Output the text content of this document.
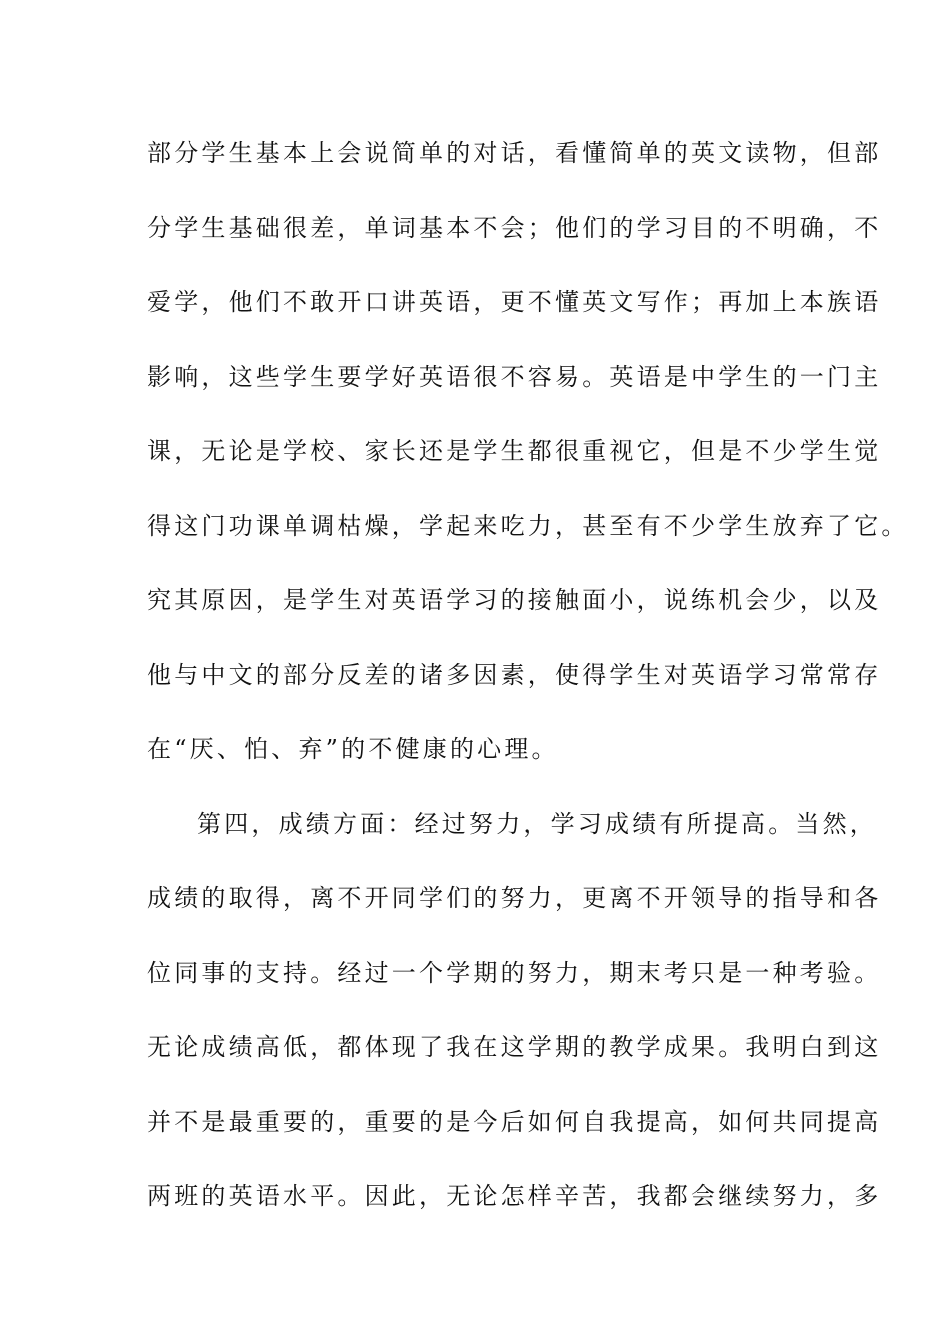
部分学生基本上会说简单的对话，看懂简单的英文读物，但部
分学生基础很差，单词基本不会；他们的学习目的不明确，不
爱学，他们不敢开口讲英语，更不懂英文写作；再加上本族语
影响，这些学生要学好英语很不容易。英语是中学生的一门主
课，无论是学校、家长还是学生都很重视它，但是不少学生觉
得这门功课单调枯燥，学起来吃力，甚至有不少学生放弃了它。
究其原因，是学生对英语学习的接触面小，说练机会少，以及
他与中文的部分反差的诸多因素，使得学生对英语学习常常存
在“厌、怕、弃”的不健康的心理。
第四，成绩方面：经过努力，学习成绩有所提高。当然，
成绩的取得，离不开同学们的努力，更离不开领导的指导和各
位同事的支持。经过一个学期的努力，期末考只是一种考验。
无论成绩高低，都体现了我在这学期的教学成果。我明白到这
并不是最重要的，重要的是今后如何自我提高，如何共同提高
两班的英语水平。因此，无论怎样辛苦，我都会继续努力，多
